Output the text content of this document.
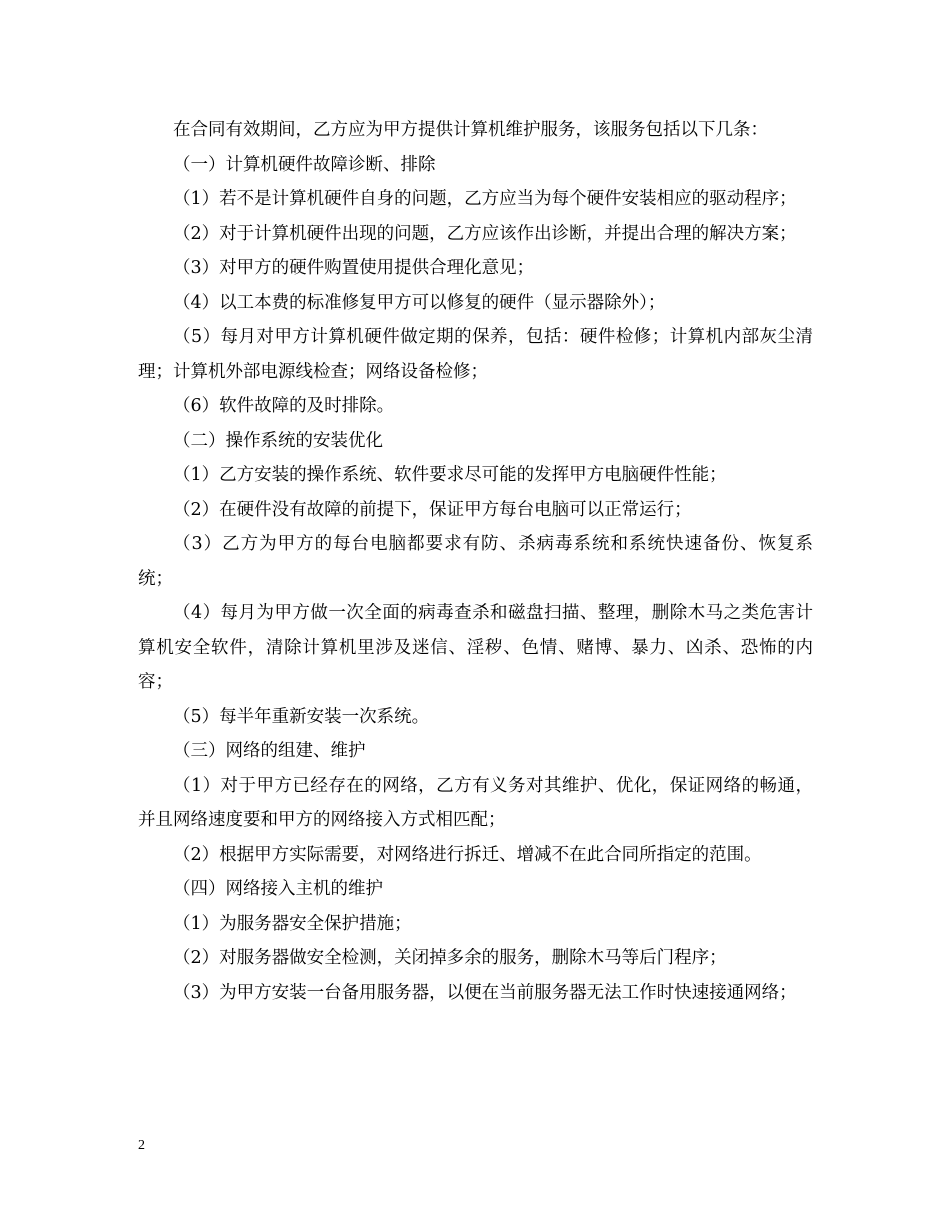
在合同有效期间，乙方应为甲方提供计算机维护服务，该服务包括以下几条：

（一）计算机硬件故障诊断、排除

（1）若不是计算机硬件自身的问题，乙方应当为每个硬件安装相应的驱动程序；

（2）对于计算机硬件出现的问题，乙方应该作出诊断，并提出合理的解决方案；

（3）对甲方的硬件购置使用提供合理化意见；

（4）以工本费的标准修复甲方可以修复的硬件（显示器除外）；

（5）每月对甲方计算机硬件做定期的保养，包括：硬件检修；计算机内部灰尘清理；计算机外部电源线检查；网络设备检修；

（6）软件故障的及时排除。

（二）操作系统的安装优化

（1）乙方安装的操作系统、软件要求尽可能的发挥甲方电脑硬件性能；

（2）在硬件没有故障的前提下，保证甲方每台电脑可以正常运行；

（3）乙方为甲方的每台电脑都要求有防、杀病毒系统和系统快速备份、恢复系统；

（4）每月为甲方做一次全面的病毒查杀和磁盘扫描、整理，删除木马之类危害计算机安全软件，清除计算机里涉及迷信、淫秽、色情、赌博、暴力、凶杀、恐怖的内容；

（5）每半年重新安装一次系统。

（三）网络的组建、维护

（1）对于甲方已经存在的网络，乙方有义务对其维护、优化，保证网络的畅通，并且网络速度要和甲方的网络接入方式相匹配；

（2）根据甲方实际需要，对网络进行拆迁、增减不在此合同所指定的范围。

（四）网络接入主机的维护

（1）为服务器安全保护措施；

（2）对服务器做安全检测，关闭掉多余的服务，删除木马等后门程序；

（3）为甲方安装一台备用服务器，以便在当前服务器无法工作时快速接通网络；

2
